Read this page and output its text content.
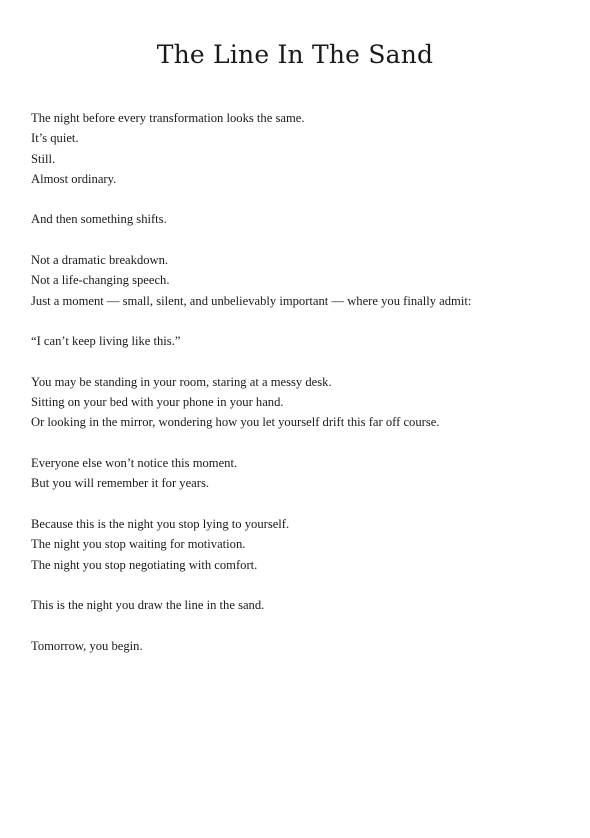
The Line In The Sand
The night before every transformation looks the same.
It’s quiet.
Still.
Almost ordinary.
And then something shifts.
Not a dramatic breakdown.
Not a life-changing speech.
Just a moment — small, silent, and unbelievably important — where you finally admit:
“I can’t keep living like this.”
You may be standing in your room, staring at a messy desk.
Sitting on your bed with your phone in your hand.
Or looking in the mirror, wondering how you let yourself drift this far off course.
Everyone else won’t notice this moment.
But you will remember it for years.
Because this is the night you stop lying to yourself.
The night you stop waiting for motivation.
The night you stop negotiating with comfort.
This is the night you draw the line in the sand.
Tomorrow, you begin.
